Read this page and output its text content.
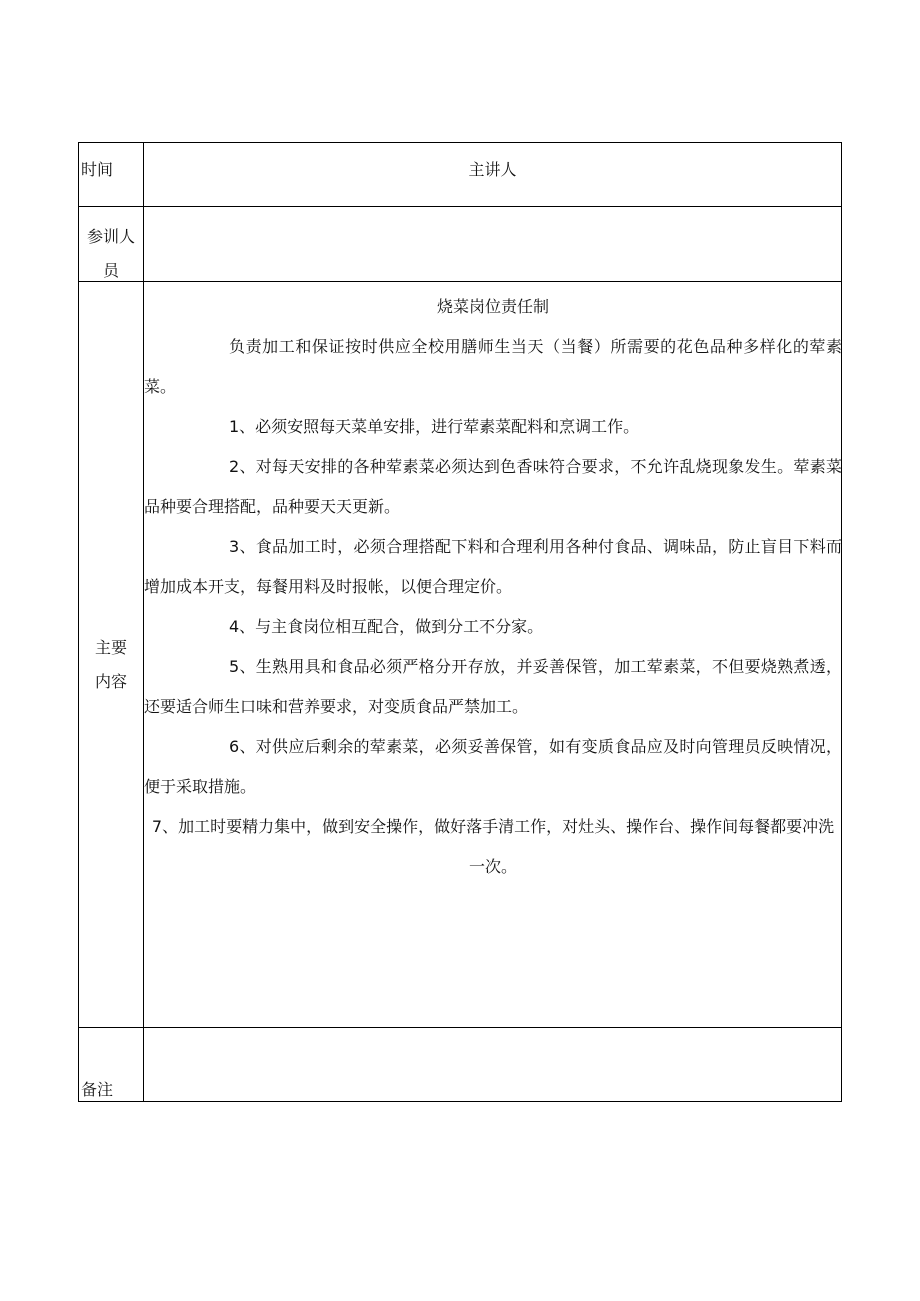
时间	主讲人
参训人
员
主要
内容
烧菜岗位责任制

负责加工和保证按时供应全校用膳师生当天（当餐）所需要的花色品种多样化的荤素菜。

1、必须安照每天菜单安排，进行荤素菜配料和烹调工作。

2、对每天安排的各种荤素菜必须达到色香味符合要求，不允许乱烧现象发生。荤素菜品种要合理搭配，品种要天天更新。

3、食品加工时，必须合理搭配下料和合理利用各种付食品、调味品，防止盲目下料而增加成本开支，每餐用料及时报帐，以便合理定价。

4、与主食岗位相互配合，做到分工不分家。

5、生熟用具和食品必须严格分开存放，并妥善保管，加工荤素菜，不但要烧熟煮透，还要适合师生口味和营养要求，对变质食品严禁加工。

6、对供应后剩余的荤素菜，必须妥善保管，如有变质食品应及时向管理员反映情况，便于采取措施。

7、加工时要精力集中，做到安全操作，做好落手清工作，对灶头、操作台、操作间每餐都要冲洗一次。

备注
